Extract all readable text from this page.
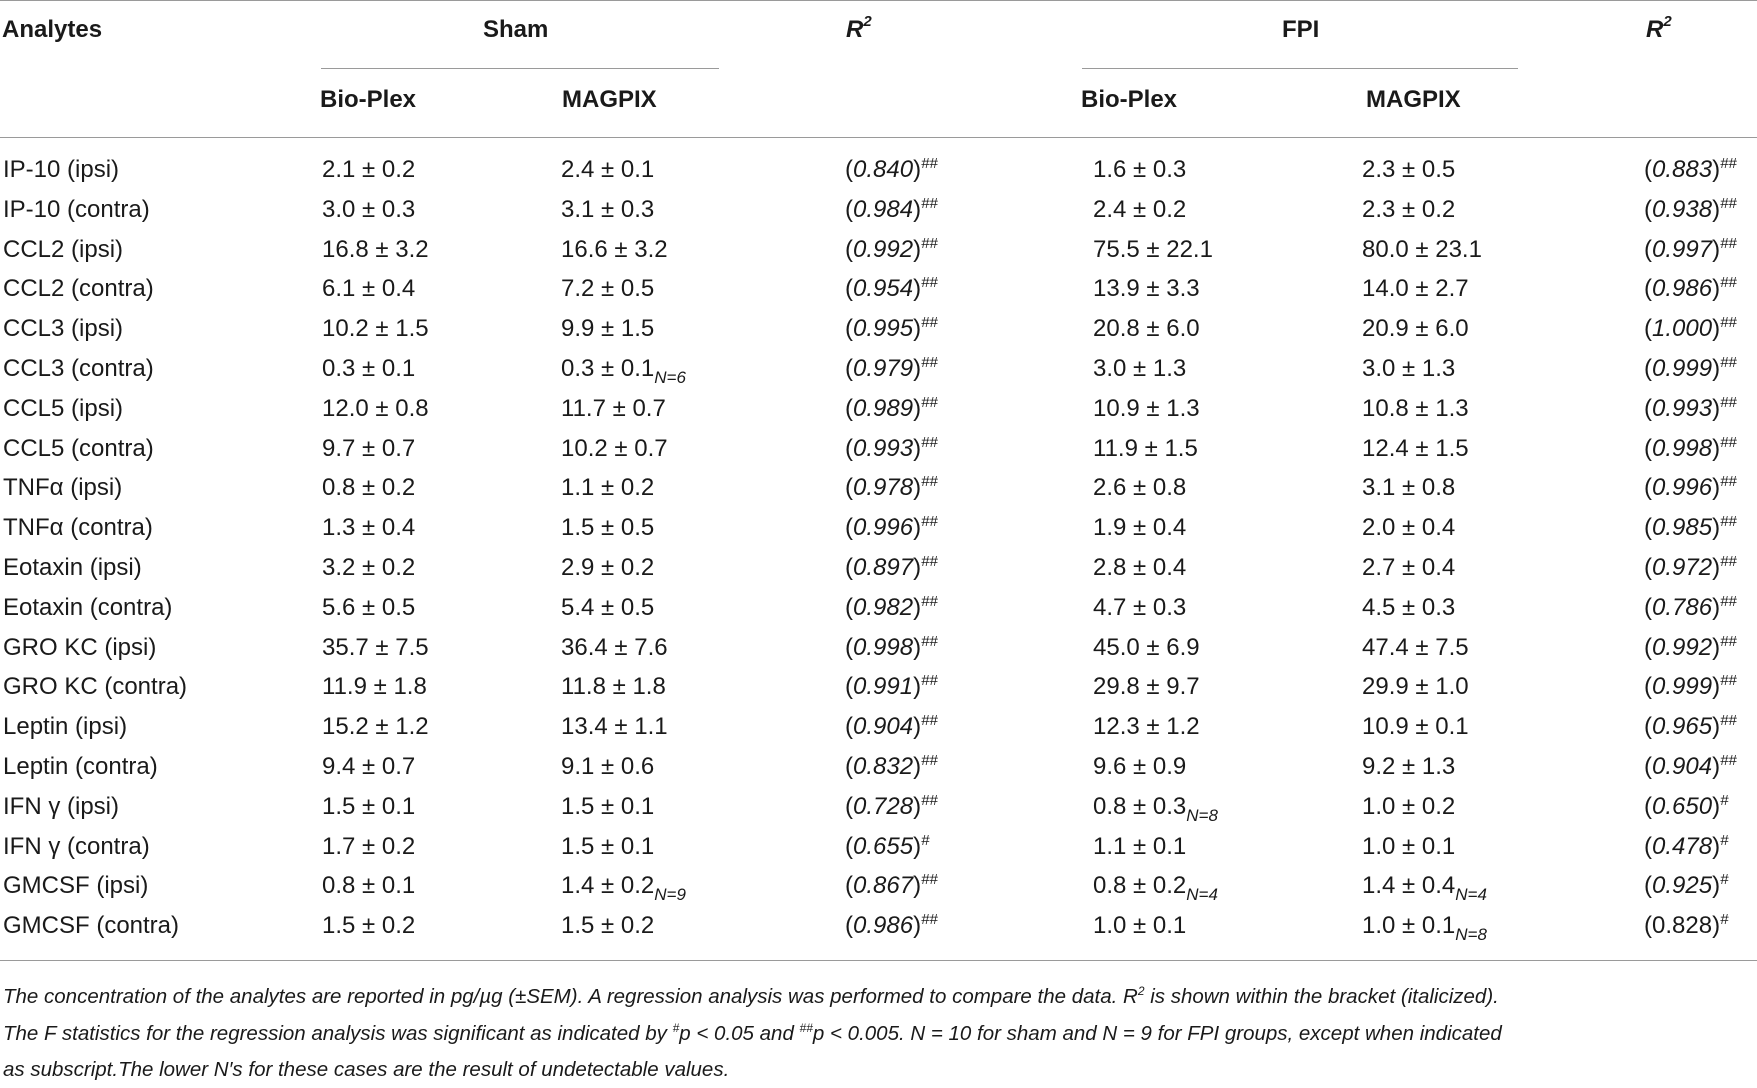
Analytes	Sham	$R^2$	FPI	$R^2$
Bio-Plex	MAGPIX	Bio-Plex	MAGPIX
IP-10 (ipsi)	2.1 ± 0.2	2.4 ± 0.1	(0.840)##	1.6 ± 0.3	2.3 ± 0.5	(0.883)##
IP-10 (contra)	3.0 ± 0.3	3.1 ± 0.3	(0.984)##	2.4 ± 0.2	2.3 ± 0.2	(0.938)##
CCL2 (ipsi)	16.8 ± 3.2	16.6 ± 3.2	(0.992)##	75.5 ± 22.1	80.0 ± 23.1	(0.997)##
CCL2 (contra)	6.1 ± 0.4	7.2 ± 0.5	(0.954)##	13.9 ± 3.3	14.0 ± 2.7	(0.986)##
CCL3 (ipsi)	10.2 ± 1.5	9.9 ± 1.5	(0.995)##	20.8 ± 6.0	20.9 ± 6.0	(1.000)##
CCL3 (contra)	0.3 ± 0.1	$0.3 \pm 0.1_{N=6}$	(0.979)##	3.0 ± 1.3	3.0 ± 1.3	(0.999)##
CCL5 (ipsi)	12.0 ± 0.8	11.7 ± 0.7	(0.989)##	10.9 ± 1.3	10.8 ± 1.3	(0.993)##
CCL5 (contra)	9.7 ± 0.7	10.2 ± 0.7	(0.993)##	11.9 ± 1.5	12.4 ± 1.5	(0.998)##
TNFα (ipsi)	0.8 ± 0.2	1.1 ± 0.2	(0.978)##	2.6 ± 0.8	3.1 ± 0.8	(0.996)##
TNFα (contra)	1.3 ± 0.4	1.5 ± 0.5	(0.996)##	1.9 ± 0.4	2.0 ± 0.4	(0.985)##
Eotaxin (ipsi)	3.2 ± 0.2	2.9 ± 0.2	(0.897)##	2.8 ± 0.4	2.7 ± 0.4	(0.972)##
Eotaxin (contra)	5.6 ± 0.5	5.4 ± 0.5	(0.982)##	4.7 ± 0.3	4.5 ± 0.3	(0.786)##
GRO KC (ipsi)	35.7 ± 7.5	36.4 ± 7.6	(0.998)##	45.0 ± 6.9	47.4 ± 7.5	(0.992)##
GRO KC (contra)	11.9 ± 1.8	11.8 ± 1.8	(0.991)##	29.8 ± 9.7	29.9 ± 1.0	(0.999)##
Leptin (ipsi)	15.2 ± 1.2	13.4 ± 1.1	(0.904)##	12.3 ± 1.2	10.9 ± 0.1	(0.965)##
Leptin (contra)	9.4 ± 0.7	9.1 ± 0.6	(0.832)##	9.6 ± 0.9	9.2 ± 1.3	(0.904)##
IFN γ (ipsi)	1.5 ± 0.1	1.5 ± 0.1	(0.728)##	$0.8 \pm 0.3_{N=8}$	1.0 ± 0.2	(0.650)#
IFN γ (contra)	1.7 ± 0.2	1.5 ± 0.1	(0.655)#	1.1 ± 0.1	1.0 ± 0.1	(0.478)#
GMCSF (ipsi)	0.8 ± 0.1	$1.4 \pm 0.2_{N=9}$	(0.867)##	$0.8 \pm 0.2_{N=4}$	$1.4 \pm 0.4_{N=4}$	(0.925)#
GMCSF (contra)	1.5 ± 0.2	1.5 ± 0.2	(0.986)##	1.0 ± 0.1	$1.0 \pm 0.1_{N=8}$	(0.828)#
The concentration of the analytes are reported in pg/µg (±SEM). A regression analysis was performed to compare the data. $R^2$ is shown within the bracket (italicized).
The F statistics for the regression analysis was significant as indicated by #p < 0.05 and ##p < 0.005. N = 10 for sham and N = 9 for FPI groups, except when indicated
as subscript.The lower N′s for these cases are the result of undetectable values.
